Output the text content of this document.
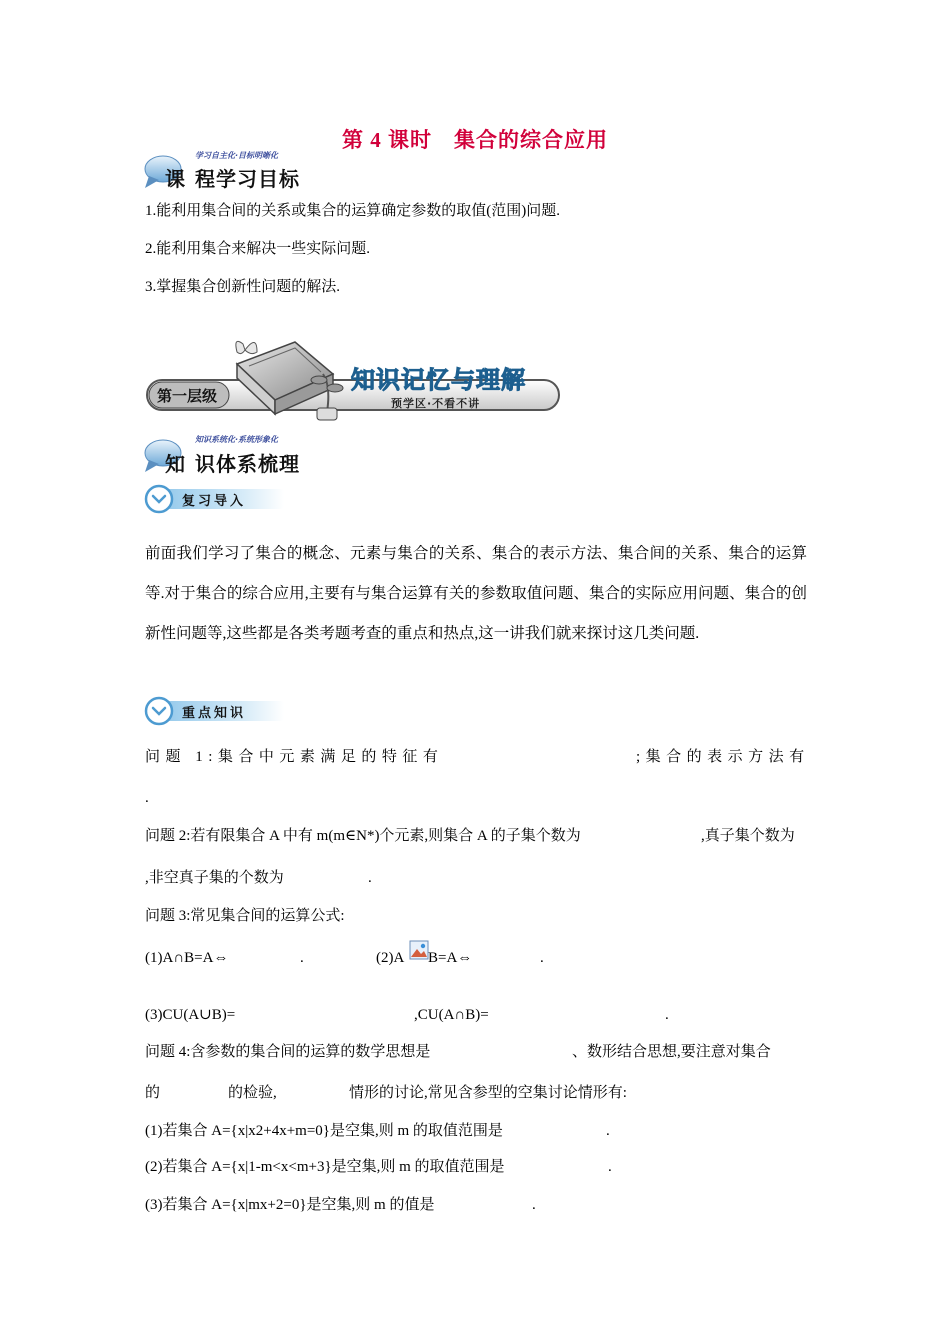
第 4 课时　集合的综合应用
学习自主化·目标明晰化
课 程学习目标
1.能利用集合间的关系或集合的运算确定参数的取值(范围)问题.
2.能利用集合来解决一些实际问题.
3.掌握集合创新性问题的解法.
第一层级
知识记忆与理解
预学区·不看不讲
知识系统化·系统形象化
知 识体系梳理
复习导入
前面我们学习了集合的概念、元素与集合的关系、集合的表示方法、集合间的关系、集合的运算等.对于集合的综合应用,主要有与集合运算有关的参数取值问题、集合的实际应用问题、集合的创新性问题等,这些都是各类考题考查的重点和热点,这一讲我们就来探讨这几类问题.
重点知识
问题 1:集合中元素满足的特征有	;集合的表示方法有
.
问题 2:若有限集合 A 中有 m(m∈N*)个元素,则集合 A 的子集个数为	,真子集个数为
,非空真子集的个数为	.
问题 3:常见集合间的运算公式:
(1)A∩B=A⇔	.	(2)A B=A⇔	.
(3)CU(A∪B)=	,CU(A∩B)=	.
问题 4:含参数的集合间的运算的数学思想是	、数形结合思想,要注意对集合
的	的检验,	情形的讨论,常见含参型的空集讨论情形有:
(1)若集合 A={x|x2+4x+m=0}是空集,则 m 的取值范围是	.
(2)若集合 A={x|1-m<x<m+3}是空集,则 m 的取值范围是	.
(3)若集合 A={x|mx+2=0}是空集,则 m 的值是	.
